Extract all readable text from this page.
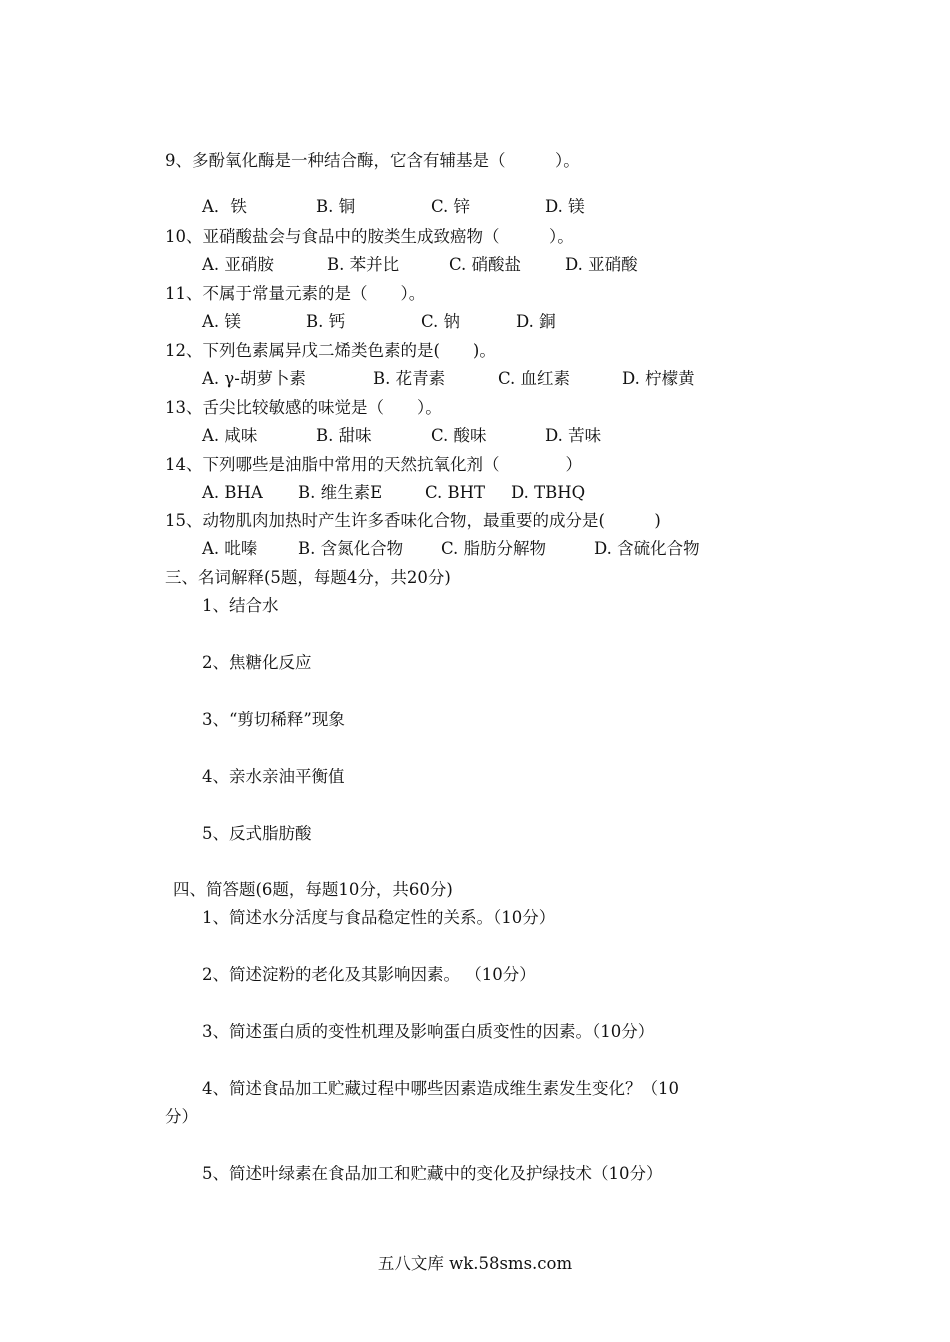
9、多酚氧化酶是一种结合酶，它含有辅基是（　　　）。
A．铁	B. 铜	C. 锌	D. 镁
10、亚硝酸盐会与食品中的胺类生成致癌物（　　　）。
A. 亚硝胺	B. 苯并比	C. 硝酸盐	D. 亚硝酸
11、不属于常量元素的是（　　）。
A. 镁	B. 钙	C. 钠	D. 銅
12、下列色素属异戊二烯类色素的是(　　)。
A. γ-胡萝卜素	B. 花青素	C. 血红素	D. 柠檬黄
13、舌尖比较敏感的味觉是（　　）。
A. 咸味	B. 甜味	C. 酸味	D. 苦味
14、下列哪些是油脂中常用的天然抗氧化剂（　　　　）
A. BHA B. 维生素E	C. BHT D. TBHQ
15、动物肌肉加热时产生许多香味化合物，最重要的成分是(　　　)
A. 吡嗪 B. 含氮化合物 C. 脂肪分解物	D. 含硫化合物
三、名词解释(5题，每题4分，共20分)
1、结合水
2、焦糖化反应
3、“剪切稀释”现象
4、亲水亲油平衡值
5、反式脂肪酸
四、简答题(6题，每题10分，共60分)
1、简述水分活度与食品稳定性的关系。（10分）
2、简述淀粉的老化及其影响因素。 （10分）
3、简述蛋白质的变性机理及影响蛋白质变性的因素。（10分）
4、简述食品加工贮藏过程中哪些因素造成维生素发生变化？（10
分）
5、简述叶绿素在食品加工和贮藏中的变化及护绿技术（10分）
五八文库 wk.58sms.com
